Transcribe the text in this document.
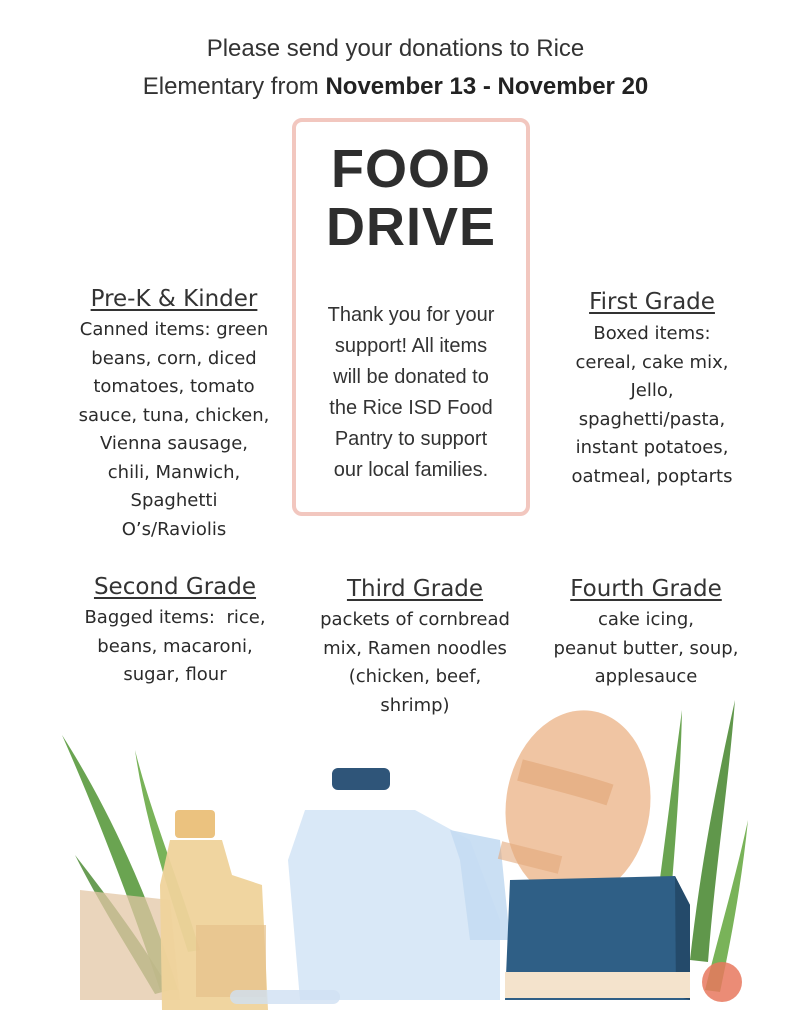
Please send your donations to Rice
Elementary from November 13 - November 20
FOOD
DRIVE
Thank you for your
support! All items
will be donated to
the Rice ISD Food
Pantry to support
our local families.
Pre-K & Kinder

Canned items: green
beans, corn, diced
tomatoes, tomato
sauce, tuna, chicken,
Vienna sausage,
chili, Manwich,
Spaghetti
O’s/Raviolis

First Grade

Boxed items:
cereal, cake mix,
Jello,
spaghetti/pasta,
instant potatoes,
oatmeal, poptarts

Second Grade

Bagged items:  rice,
beans, macaroni,
sugar, flour

Third Grade

packets of cornbread
mix, Ramen noodles
(chicken, beef,
shrimp)

Fourth Grade

cake icing,
peanut butter, soup,
applesauce
